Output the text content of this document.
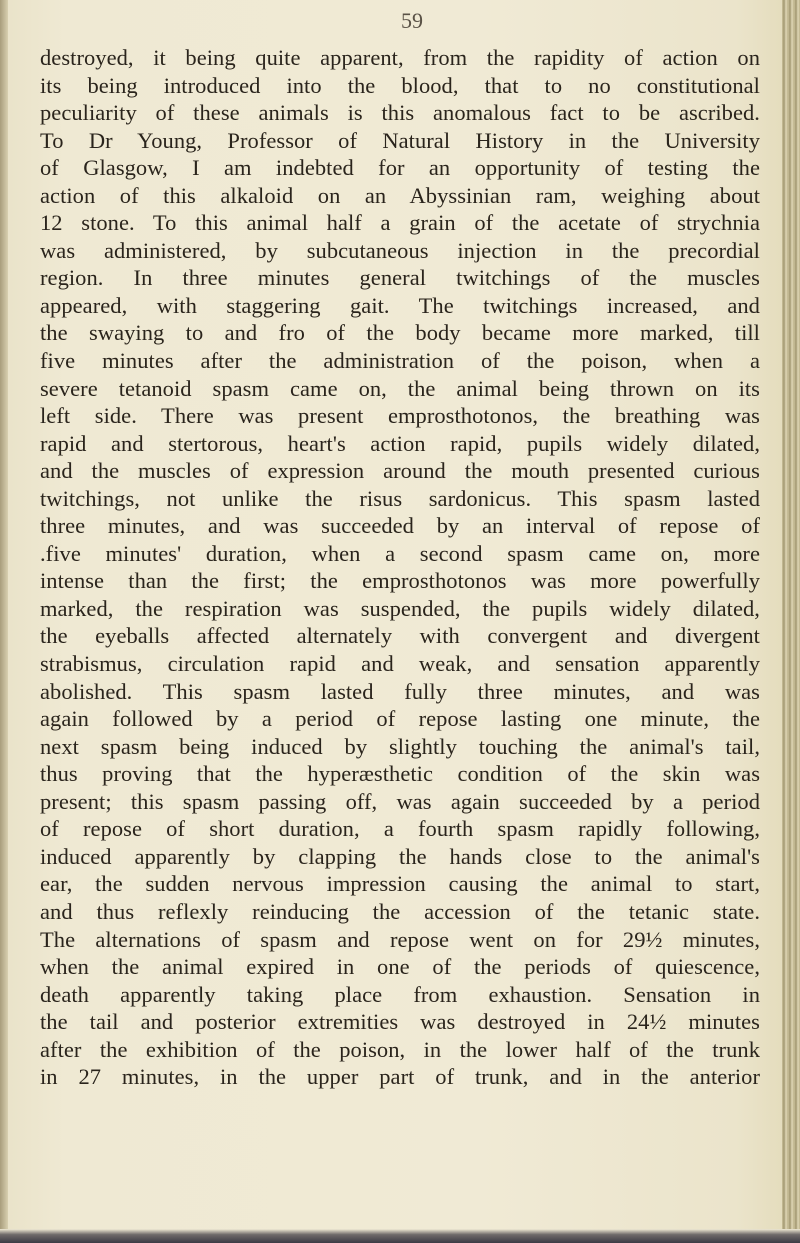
59
destroyed, it being quite apparent, from the rapidity of action on
its being introduced into the blood, that to no constitutional
peculiarity of these animals is this anomalous fact to be ascribed.
To Dr Young, Professor of Natural History in the University
of Glasgow, I am indebted for an opportunity of testing the
action of this alkaloid on an Abyssinian ram, weighing about
12 stone. To this animal half a grain of the acetate of strychnia
was administered, by subcutaneous injection in the precordial
region. In three minutes general twitchings of the muscles
appeared, with staggering gait. The twitchings increased, and
the swaying to and fro of the body became more marked, till
five minutes after the administration of the poison, when a
severe tetanoid spasm came on, the animal being thrown on its
left side. There was present emprosthotonos, the breathing was
rapid and stertorous, heart's action rapid, pupils widely dilated,
and the muscles of expression around the mouth presented curious
twitchings, not unlike the risus sardonicus. This spasm lasted
three minutes, and was succeeded by an interval of repose of
.five minutes' duration, when a second spasm came on, more
intense than the first; the emprosthotonos was more powerfully
marked, the respiration was suspended, the pupils widely dilated,
the eyeballs affected alternately with convergent and divergent
strabismus, circulation rapid and weak, and sensation apparently
abolished. This spasm lasted fully three minutes, and was
again followed by a period of repose lasting one minute, the
next spasm being induced by slightly touching the animal's tail,
thus proving that the hyperæsthetic condition of the skin was
present; this spasm passing off, was again succeeded by a period
of repose of short duration, a fourth spasm rapidly following,
induced apparently by clapping the hands close to the animal's
ear, the sudden nervous impression causing the animal to start,
and thus reflexly reinducing the accession of the tetanic state.
The alternations of spasm and repose went on for 29½ minutes,
when the animal expired in one of the periods of quiescence,
death apparently taking place from exhaustion. Sensation in
the tail and posterior extremities was destroyed in 24½ minutes
after the exhibition of the poison, in the lower half of the trunk
in 27 minutes, in the upper part of trunk, and in the anterior
